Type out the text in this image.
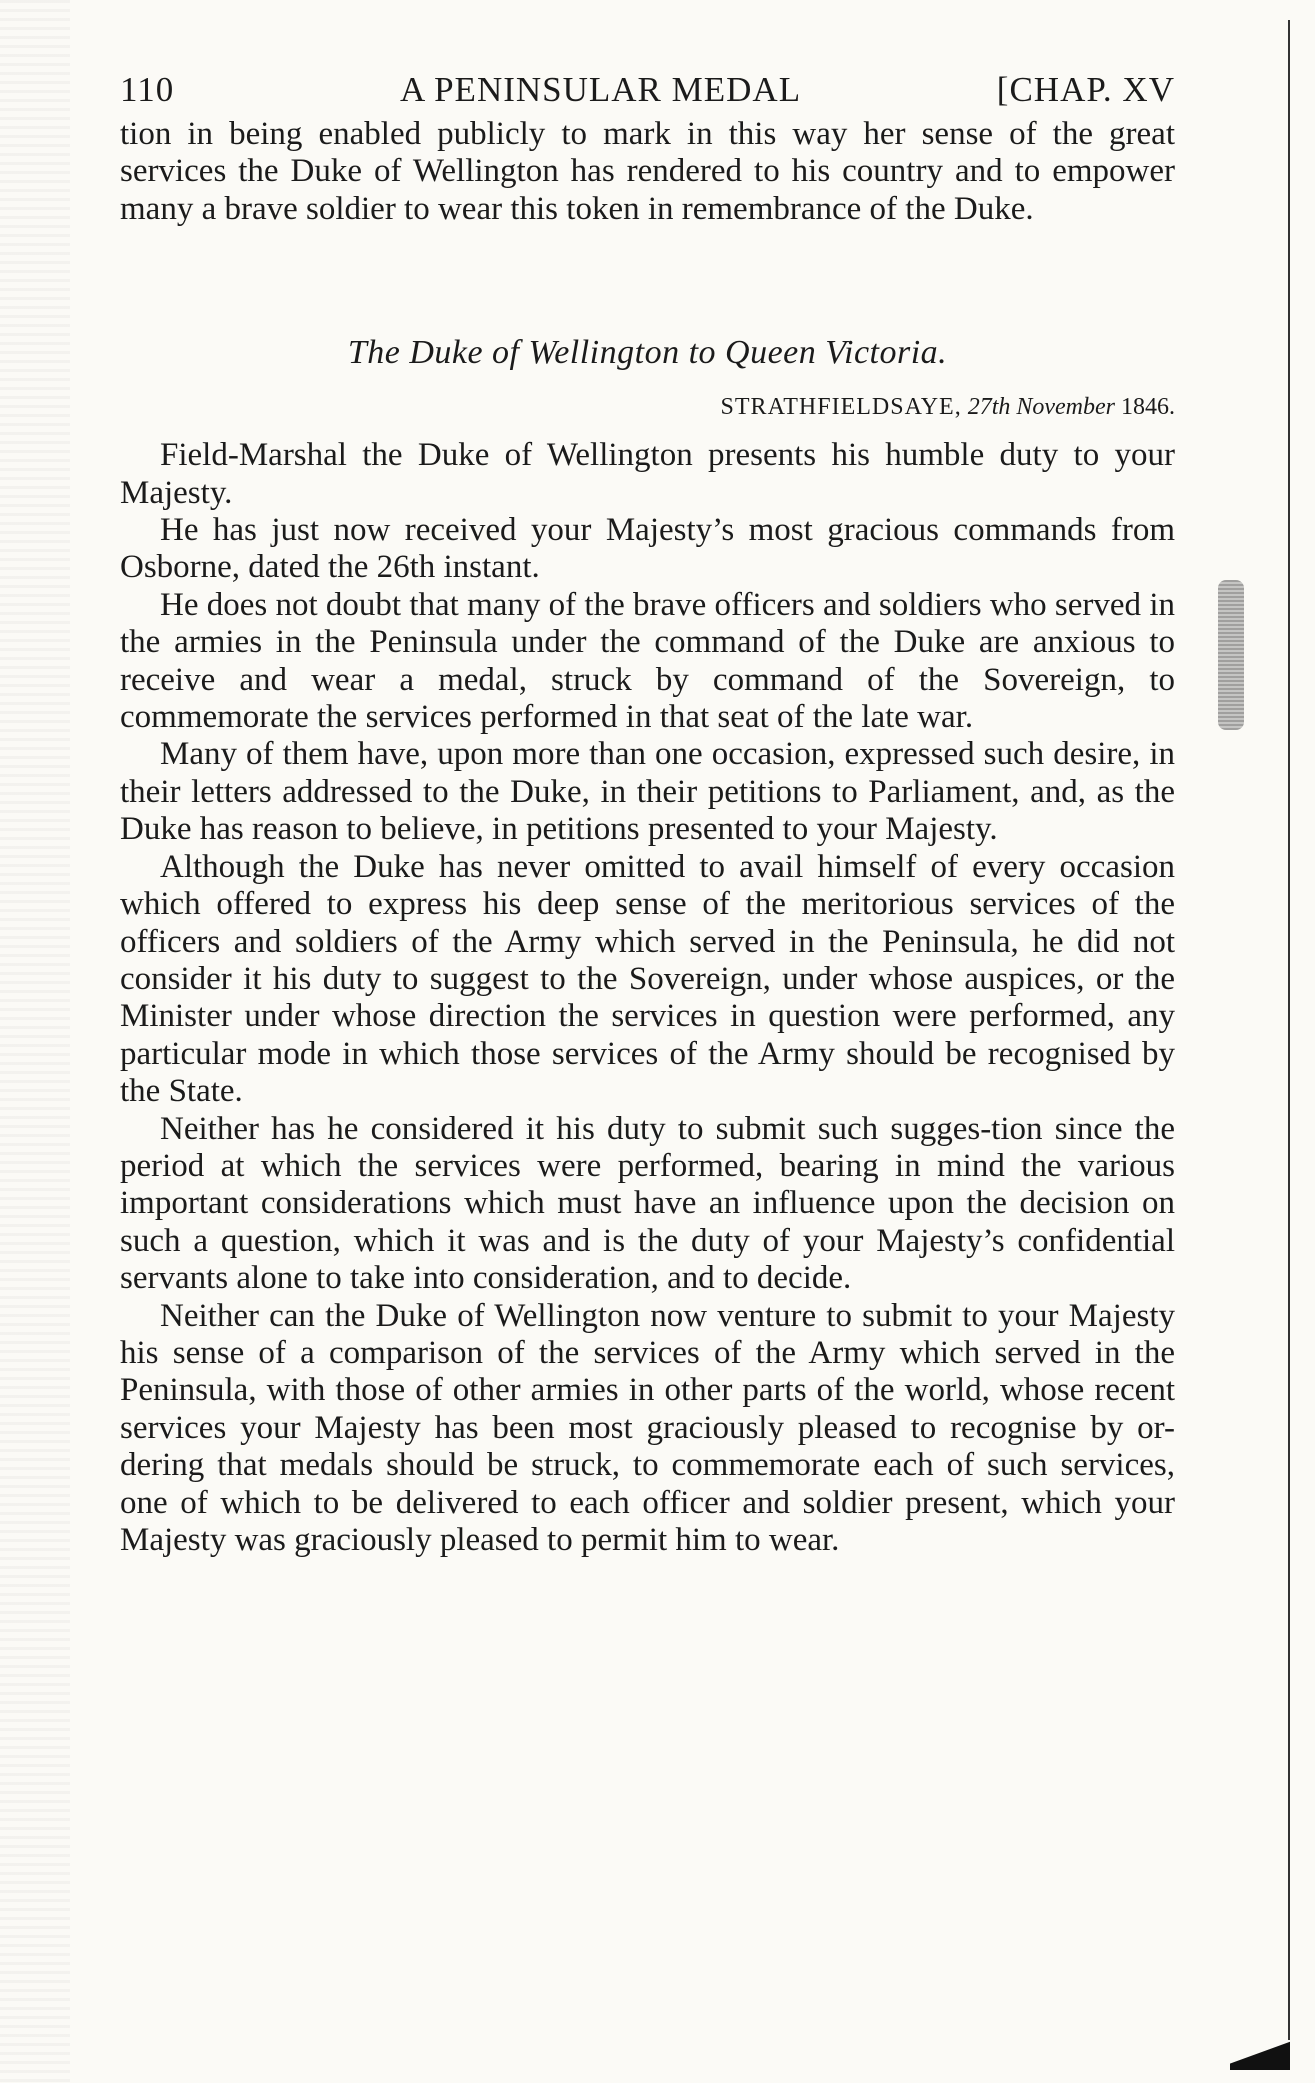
110	A PENINSULAR MEDAL	[CHAP. XV

tion in being enabled publicly to mark in this way her sense of the great services the Duke of Wellington has rendered to his country and to empower many a brave soldier to wear this token in remembrance of the Duke.

The Duke of Wellington to Queen Victoria.
STRATHFIELDSAYE, 27th November 1846.

Field-Marshal the Duke of Wellington presents his humble duty to your Majesty.

He has just now received your Majesty’s most gracious commands from Osborne, dated the 26th instant.

He does not doubt that many of the brave officers and soldiers who served in the armies in the Peninsula under the command of the Duke are anxious to receive and wear a medal, struck by command of the Sovereign, to commemorate the services performed in that seat of the late war.

Many of them have, upon more than one occasion, expressed such desire, in their letters addressed to the Duke, in their petitions to Parliament, and, as the Duke has reason to believe, in petitions presented to your Majesty.

Although the Duke has never omitted to avail himself of every occasion which offered to express his deep sense of the meritorious services of the officers and soldiers of the Army which served in the Peninsula, he did not consider it his duty to suggest to the Sovereign, under whose auspices, or the Minister under whose direction the services in question were performed, any particular mode in which those services of the Army should be recognised by the State.

Neither has he considered it his duty to submit such sugges-tion since the period at which the services were performed, bearing in mind the various important considerations which must have an influence upon the decision on such a question, which it was and is the duty of your Majesty’s confidential servants alone to take into consideration, and to decide.

Neither can the Duke of Wellington now venture to submit to your Majesty his sense of a comparison of the services of the Army which served in the Peninsula, with those of other armies in other parts of the world, whose recent services your Majesty has been most graciously pleased to recognise by or-dering that medals should be struck, to commemorate each of such services, one of which to be delivered to each officer and soldier present, which your Majesty was graciously pleased to permit him to wear.
